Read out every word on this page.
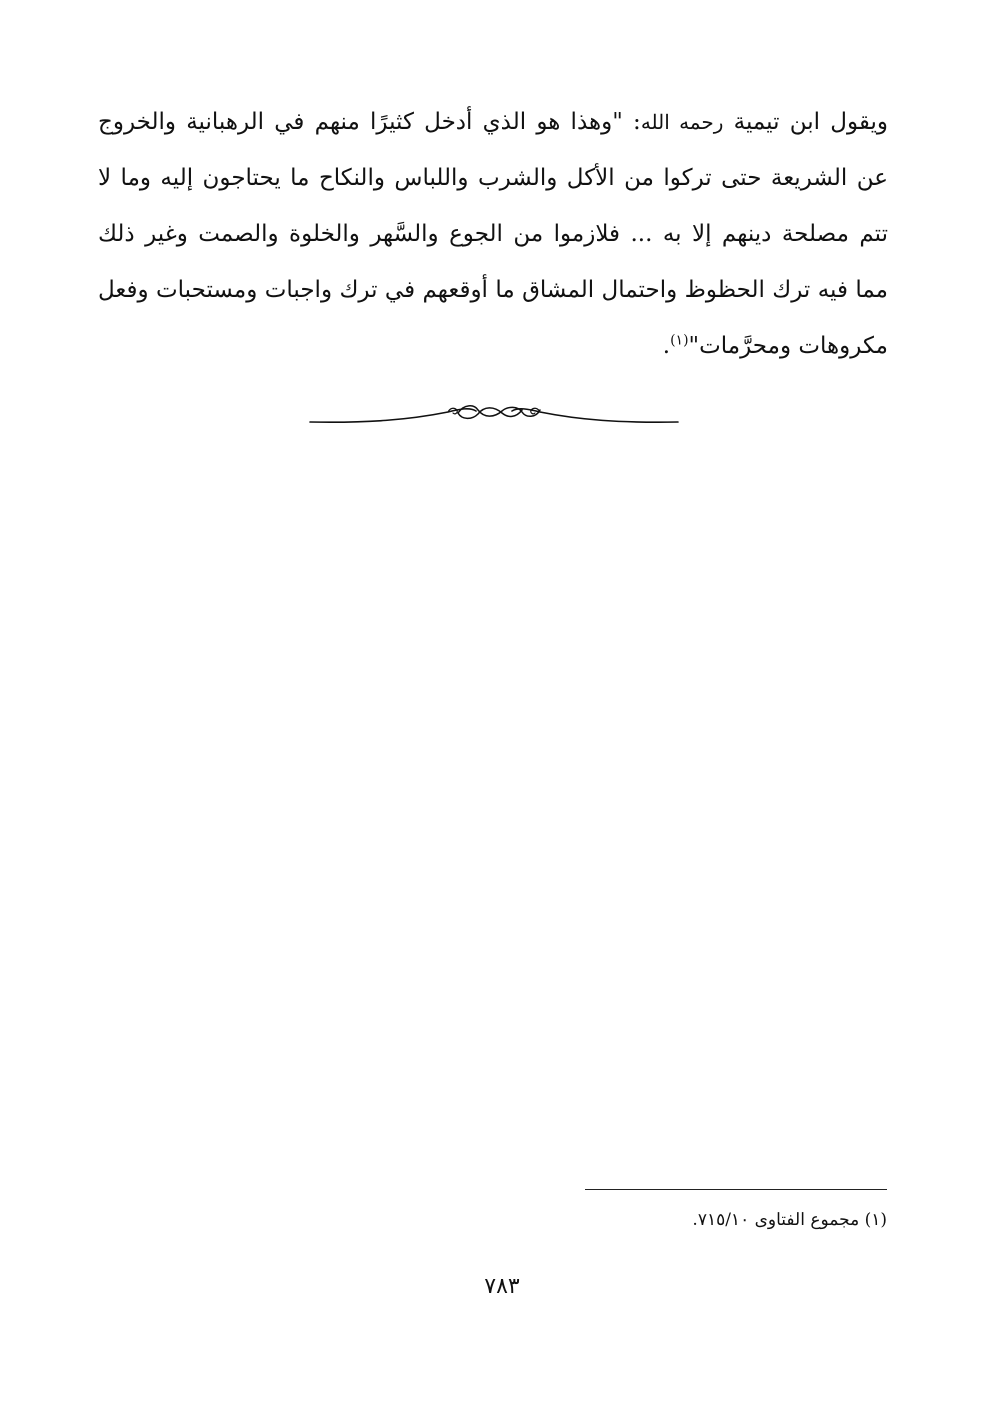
ويقول ابن تيمية رحمه الله: "وهذا هو الذي أدخل كثيرًا منهم في الرهبانية والخروج
عن الشريعة حتى تركوا من الأكل والشرب واللباس والنكاح ما يحتاجون إليه وما لا
تتم مصلحة دينهم إلا به ... فلازموا من الجوع والسَّهر والخلوة والصمت وغير ذلك
مما فيه ترك الحظوظ واحتمال المشاق ما أوقعهم في ترك واجبات ومستحبات وفعل
مكروهات ومحرَّمات"$^{(١)}$.
(١) مجموع الفتاوى ٧١٥/١٠.
٧٨٣
